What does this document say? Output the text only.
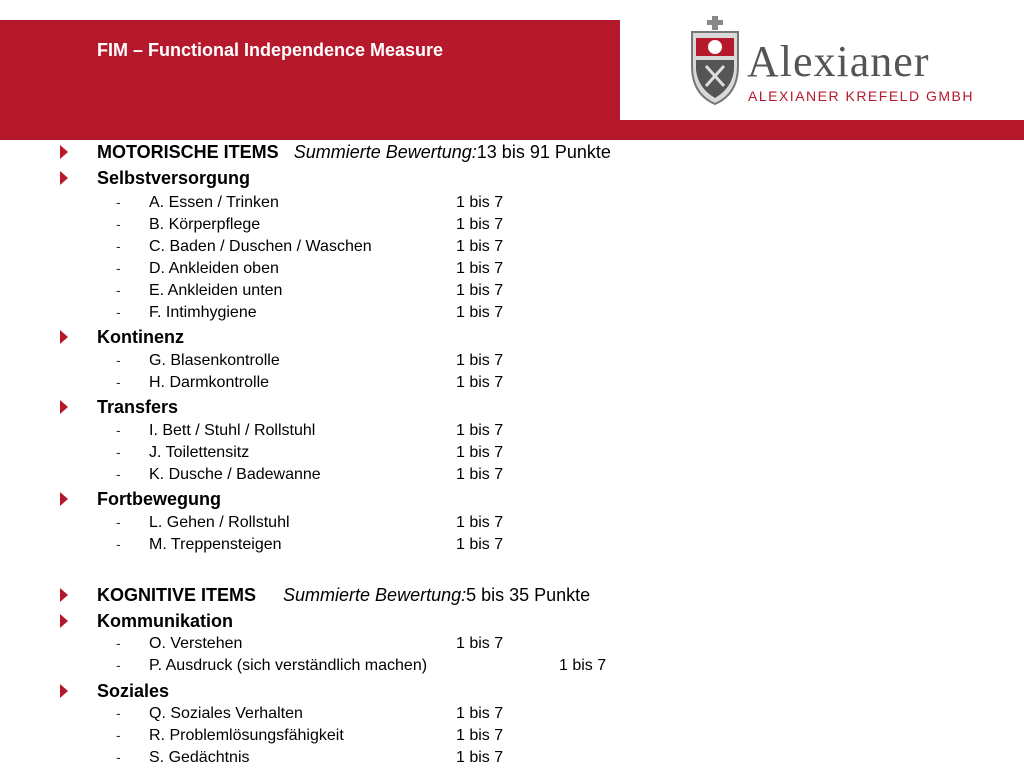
FIM – Functional Independence Measure	Alexianer
ALEXIANER KREFELD GMBH
MOTORISCHE ITEMS Summierte Bewertung:13 bis 91 Punkte
Selbstversorgung
- A. Essen / Trinken	1 bis 7
- B. Körperpflege	1 bis 7
- C. Baden / Duschen / Waschen	1 bis 7
- D. Ankleiden oben	1 bis 7
- E. Ankleiden unten	1 bis 7
- F. Intimhygiene	1 bis 7
Kontinenz
- G. Blasenkontrolle	1 bis 7
- H. Darmkontrolle	1 bis 7
Transfers
- I. Bett / Stuhl / Rollstuhl	1 bis 7
- J. Toilettensitz	1 bis 7
- K. Dusche / Badewanne	1 bis 7
Fortbewegung
- L. Gehen / Rollstuhl	1 bis 7
- M. Treppensteigen	1 bis 7
KOGNITIVE ITEMS Summierte Bewertung:5 bis 35 Punkte
Kommunikation
- O. Verstehen	1 bis 7
- P. Ausdruck (sich verständlich machen)	1 bis 7
Soziales
- Q. Soziales Verhalten	1 bis 7
- R. Problemlösungsfähigkeit	1 bis 7
- S. Gedächtnis	1 bis 7
